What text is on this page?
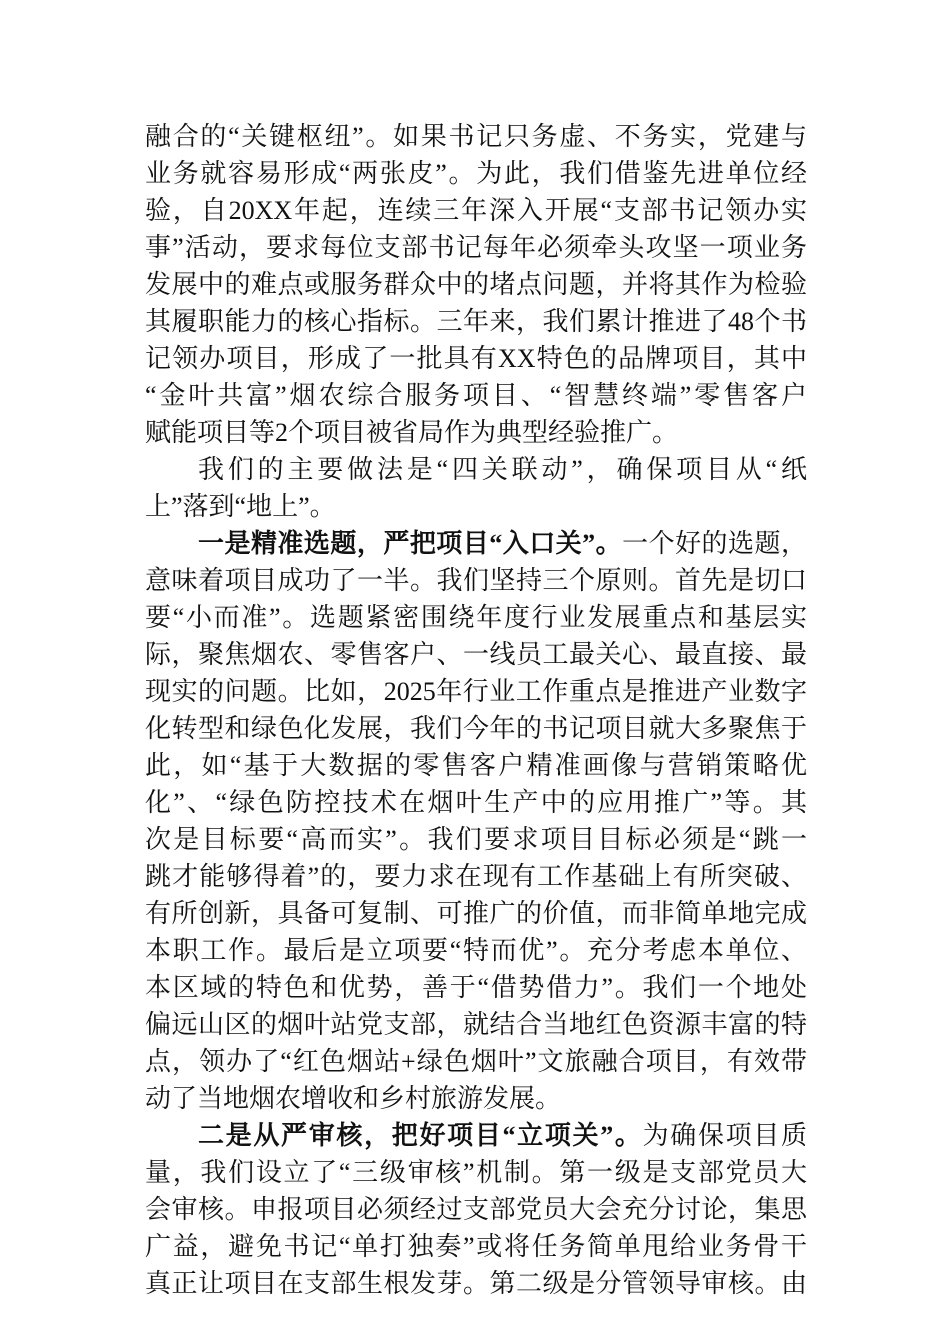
融合的“关键枢纽”。如果书记只务虚、不务实，党建与
业务就容易形成“两张皮”。为此，我们借鉴先进单位经
验，自20XX年起，连续三年深入开展“支部书记领办实
事”活动，要求每位支部书记每年必须牵头攻坚一项业务
发展中的难点或服务群众中的堵点问题，并将其作为检验
其履职能力的核心指标。三年来，我们累计推进了48个书
记领办项目，形成了一批具有XX特色的品牌项目，其中
“金叶共富”烟农综合服务项目、“智慧终端”零售客户
赋能项目等2个项目被省局作为典型经验推广。
我们的主要做法是“四关联动”，确保项目从“纸
上”落到“地上”。
一是精准选题，严把项目“入口关”。一个好的选题，
意味着项目成功了一半。我们坚持三个原则。首先是切口
要“小而准”。选题紧密围绕年度行业发展重点和基层实
际，聚焦烟农、零售客户、一线员工最关心、最直接、最
现实的问题。比如，2025年行业工作重点是推进产业数字
化转型和绿色化发展，我们今年的书记项目就大多聚焦于
此，如“基于大数据的零售客户精准画像与营销策略优
化”、“绿色防控技术在烟叶生产中的应用推广”等。其
次是目标要“高而实”。我们要求项目目标必须是“跳一
跳才能够得着”的，要力求在现有工作基础上有所突破、
有所创新，具备可复制、可推广的价值，而非简单地完成
本职工作。最后是立项要“特而优”。充分考虑本单位、
本区域的特色和优势，善于“借势借力”。我们一个地处
偏远山区的烟叶站党支部，就结合当地红色资源丰富的特
点，领办了“红色烟站+绿色烟叶”文旅融合项目，有效带
动了当地烟农增收和乡村旅游发展。
二是从严审核，把好项目“立项关”。为确保项目质
量，我们设立了“三级审核”机制。第一级是支部党员大
会审核。申报项目必须经过支部党员大会充分讨论，集思
广益，避免书记“单打独奏”或将任务简单甩给业务骨干
真正让项目在支部生根发芽。第二级是分管领导审核。由
